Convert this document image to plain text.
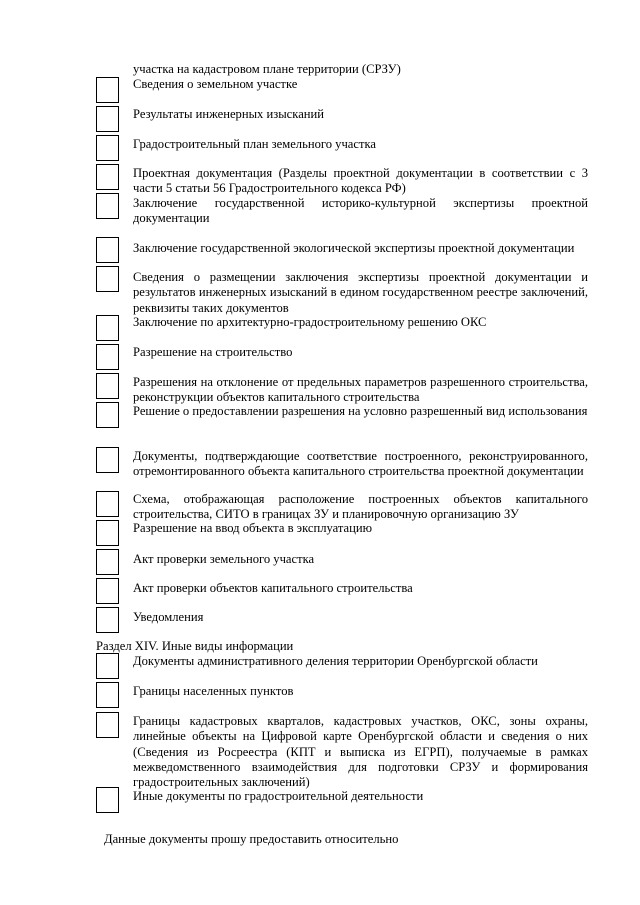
участка на кадастровом плане территории (СРЗУ)
Сведения о земельном участке
Результаты инженерных изысканий
Градостроительный план земельного участка
Проектная документация (Разделы проектной документации в соответствии с 3 части 5 статьи 56 Градостроительного кодекса РФ)
Заключение государственной историко-культурной экспертизы проектной документации
Заключение государственной экологической экспертизы проектной документации
Сведения о размещении заключения экспертизы проектной документации и результатов инженерных изысканий в едином государственном реестре заключений, реквизиты таких документов
Заключение по архитектурно-градостроительному решению ОКС
Разрешение на строительство
Разрешения на отклонение от предельных параметров разрешенного строительства, реконструкции объектов капитального строительства
Решение о предоставлении разрешения на условно разрешенный вид использования
Документы, подтверждающие соответствие построенного, реконструированного, отремонтированного объекта капитального строительства проектной документации
Схема, отображающая расположение построенных объектов капитального строительства, СИТО в границах ЗУ и планировочную организацию ЗУ
Разрешение на ввод объекта в эксплуатацию
Акт проверки земельного участка
Акт проверки объектов капитального строительства
Уведомления
Раздел XIV. Иные виды информации
Документы административного деления территории Оренбургской области
Границы населенных пунктов
Границы кадастровых кварталов, кадастровых участков, ОКС, зоны охраны, линейные объекты на Цифровой карте Оренбургской области и сведения о них (Сведения из Росреестра (КПТ и выписка из ЕГРП), получаемые в рамках межведомственного взаимодействия для подготовки СРЗУ и формирования градостроительных заключений)
Иные документы по градостроительной деятельности
Данные документы прошу предоставить относительно
